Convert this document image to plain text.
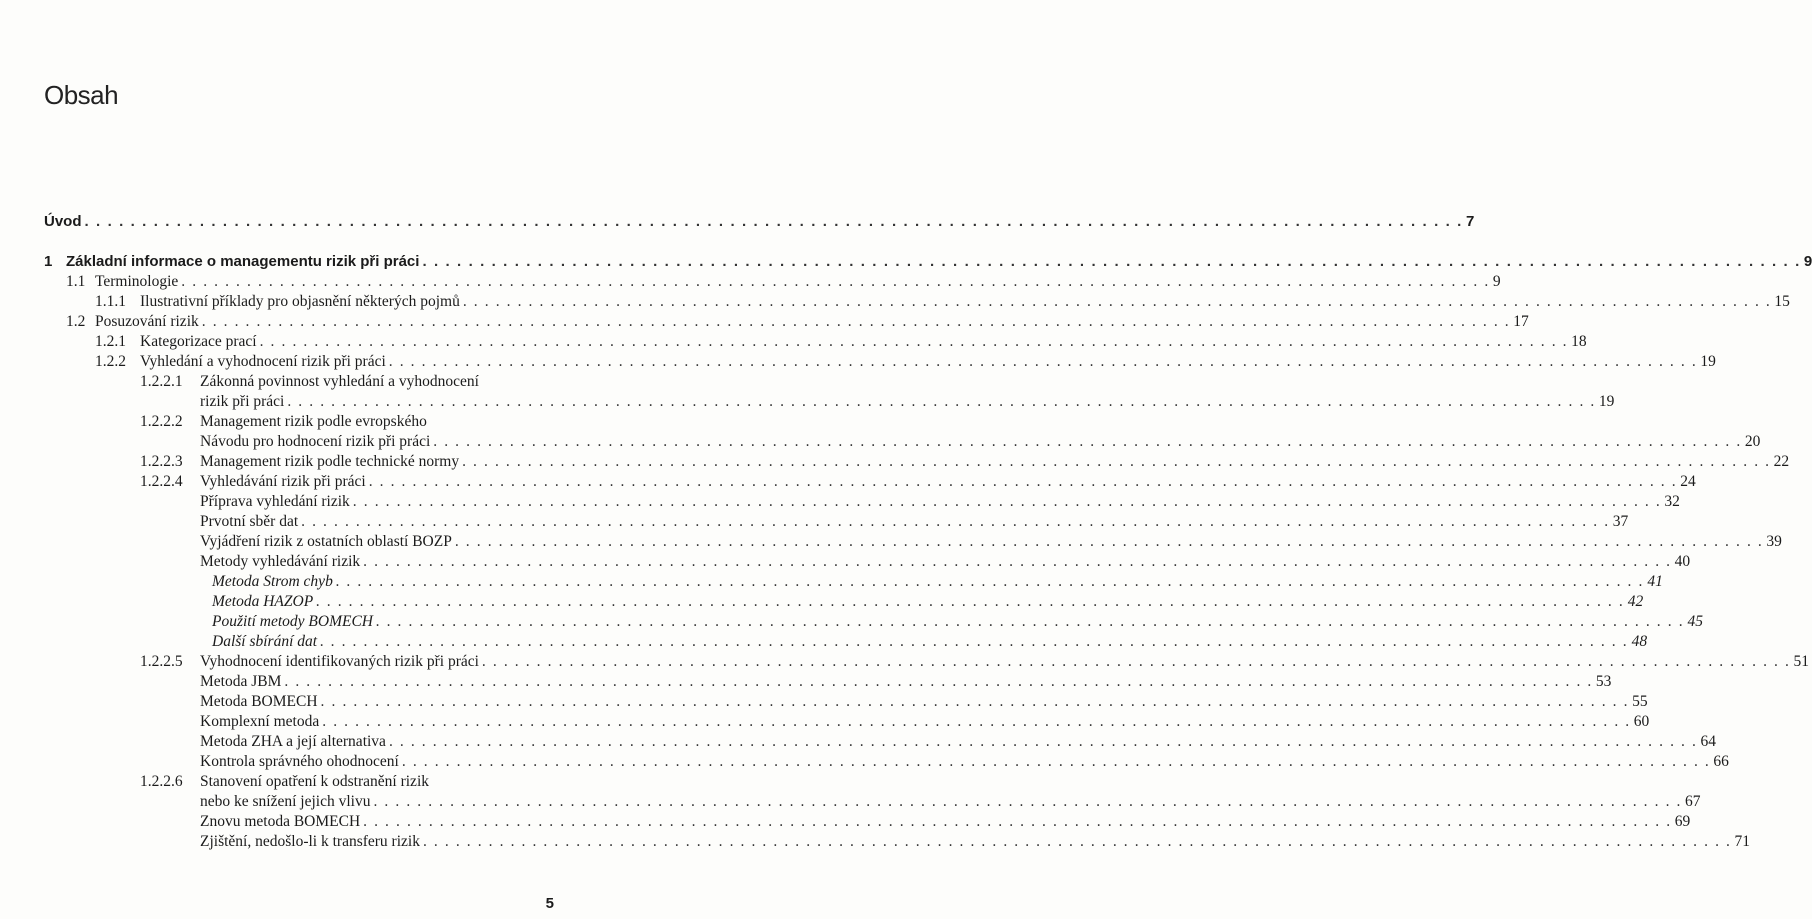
Obsah
Úvod . . . . . . . . . . . . . . . . . . . . . . . . . . . . . . . . . . . . . . . . . . . . . . . . . . . . . . . . . . . . . . . . . . . . . . . . . . . . . . . . . . . . . . . . . . . . . . . . . . . . . . . . . . . . . . . . . . . . . . . . 7
1 Základní informace o managementu rizik při práci . . . . . . . . . . . . . . . . . . . . . . . . . . . . . . . . . . . . . . . . . . . . . . . . . . . . . . . . . . . . . . . . . . . . . . . . . . . . . . . . . . . . . . . . . . . . . . . . . . . . . . . . . . . . . . . . . . . . . . . . 9
1.1 Terminologie . . . . . . . . . . . . . . . . . . . . . . . . . . . . . . . . . . . . . . . . . . . . . . . . . . . . . . . . . . . . . . . . . . . . . . . . . . . . . . . . . . . . . . . . . . . . . . . . . . . . . . . . . . . . . . . . . . . . . . . . 9
1.1.1 Ilustrativní příklady pro objasnění některých pojmů . . . . . . . . . . . . . . . . . . . . . . . . . . . . . . . . . . . . . . . . . . . . . . . . . . . . . . . . . . . . . . . . . . . . . . . . . . . . . . . . . . . . . . . . . . . . . . . . . . . . . . . . . . . . . . . . . . . . . . . . 15
1.2 Posuzování rizik . . . . . . . . . . . . . . . . . . . . . . . . . . . . . . . . . . . . . . . . . . . . . . . . . . . . . . . . . . . . . . . . . . . . . . . . . . . . . . . . . . . . . . . . . . . . . . . . . . . . . . . . . . . . . . . . . . . . . . . . 17
1.2.1 Kategorizace prací . . . . . . . . . . . . . . . . . . . . . . . . . . . . . . . . . . . . . . . . . . . . . . . . . . . . . . . . . . . . . . . . . . . . . . . . . . . . . . . . . . . . . . . . . . . . . . . . . . . . . . . . . . . . . . . . . . . . . . . . 18
1.2.2 Vyhledání a vyhodnocení rizik při práci . . . . . . . . . . . . . . . . . . . . . . . . . . . . . . . . . . . . . . . . . . . . . . . . . . . . . . . . . . . . . . . . . . . . . . . . . . . . . . . . . . . . . . . . . . . . . . . . . . . . . . . . . . . . . . . . . . . . . . . . 19
1.2.2.1 Zákonná povinnost vyhledání a vyhodnocení
rizik při práci . . . . . . . . . . . . . . . . . . . . . . . . . . . . . . . . . . . . . . . . . . . . . . . . . . . . . . . . . . . . . . . . . . . . . . . . . . . . . . . . . . . . . . . . . . . . . . . . . . . . . . . . . . . . . . . . . . . . . . . . 19
1.2.2.2 Management rizik podle evropského
Návodu pro hodnocení rizik při práci . . . . . . . . . . . . . . . . . . . . . . . . . . . . . . . . . . . . . . . . . . . . . . . . . . . . . . . . . . . . . . . . . . . . . . . . . . . . . . . . . . . . . . . . . . . . . . . . . . . . . . . . . . . . . . . . . . . . . . . . 20
1.2.2.3 Management rizik podle technické normy . . . . . . . . . . . . . . . . . . . . . . . . . . . . . . . . . . . . . . . . . . . . . . . . . . . . . . . . . . . . . . . . . . . . . . . . . . . . . . . . . . . . . . . . . . . . . . . . . . . . . . . . . . . . . . . . . . . . . . . . 22
1.2.2.4 Vyhledávání rizik při práci . . . . . . . . . . . . . . . . . . . . . . . . . . . . . . . . . . . . . . . . . . . . . . . . . . . . . . . . . . . . . . . . . . . . . . . . . . . . . . . . . . . . . . . . . . . . . . . . . . . . . . . . . . . . . . . . . . . . . . . . 24
Příprava vyhledání rizik . . . . . . . . . . . . . . . . . . . . . . . . . . . . . . . . . . . . . . . . . . . . . . . . . . . . . . . . . . . . . . . . . . . . . . . . . . . . . . . . . . . . . . . . . . . . . . . . . . . . . . . . . . . . . . . . . . . . . . . . 32
Prvotní sběr dat . . . . . . . . . . . . . . . . . . . . . . . . . . . . . . . . . . . . . . . . . . . . . . . . . . . . . . . . . . . . . . . . . . . . . . . . . . . . . . . . . . . . . . . . . . . . . . . . . . . . . . . . . . . . . . . . . . . . . . . . 37
Vyjádření rizik z ostatních oblastí BOZP . . . . . . . . . . . . . . . . . . . . . . . . . . . . . . . . . . . . . . . . . . . . . . . . . . . . . . . . . . . . . . . . . . . . . . . . . . . . . . . . . . . . . . . . . . . . . . . . . . . . . . . . . . . . . . . . . . . . . . . . 39
Metody vyhledávání rizik . . . . . . . . . . . . . . . . . . . . . . . . . . . . . . . . . . . . . . . . . . . . . . . . . . . . . . . . . . . . . . . . . . . . . . . . . . . . . . . . . . . . . . . . . . . . . . . . . . . . . . . . . . . . . . . . . . . . . . . . 40
Metoda Strom chyb . . . . . . . . . . . . . . . . . . . . . . . . . . . . . . . . . . . . . . . . . . . . . . . . . . . . . . . . . . . . . . . . . . . . . . . . . . . . . . . . . . . . . . . . . . . . . . . . . . . . . . . . . . . . . . . . . . . . . . . . 41
Metoda HAZOP . . . . . . . . . . . . . . . . . . . . . . . . . . . . . . . . . . . . . . . . . . . . . . . . . . . . . . . . . . . . . . . . . . . . . . . . . . . . . . . . . . . . . . . . . . . . . . . . . . . . . . . . . . . . . . . . . . . . . . . . 42
Použití metody BOMECH . . . . . . . . . . . . . . . . . . . . . . . . . . . . . . . . . . . . . . . . . . . . . . . . . . . . . . . . . . . . . . . . . . . . . . . . . . . . . . . . . . . . . . . . . . . . . . . . . . . . . . . . . . . . . . . . . . . . . . . . 45
Další sbírání dat . . . . . . . . . . . . . . . . . . . . . . . . . . . . . . . . . . . . . . . . . . . . . . . . . . . . . . . . . . . . . . . . . . . . . . . . . . . . . . . . . . . . . . . . . . . . . . . . . . . . . . . . . . . . . . . . . . . . . . . . 48
1.2.2.5 Vyhodnocení identifikovaných rizik při práci . . . . . . . . . . . . . . . . . . . . . . . . . . . . . . . . . . . . . . . . . . . . . . . . . . . . . . . . . . . . . . . . . . . . . . . . . . . . . . . . . . . . . . . . . . . . . . . . . . . . . . . . . . . . . . . . . . . . . . . . 51
Metoda JBM . . . . . . . . . . . . . . . . . . . . . . . . . . . . . . . . . . . . . . . . . . . . . . . . . . . . . . . . . . . . . . . . . . . . . . . . . . . . . . . . . . . . . . . . . . . . . . . . . . . . . . . . . . . . . . . . . . . . . . . . 53
Metoda BOMECH . . . . . . . . . . . . . . . . . . . . . . . . . . . . . . . . . . . . . . . . . . . . . . . . . . . . . . . . . . . . . . . . . . . . . . . . . . . . . . . . . . . . . . . . . . . . . . . . . . . . . . . . . . . . . . . . . . . . . . . . 55
Komplexní metoda . . . . . . . . . . . . . . . . . . . . . . . . . . . . . . . . . . . . . . . . . . . . . . . . . . . . . . . . . . . . . . . . . . . . . . . . . . . . . . . . . . . . . . . . . . . . . . . . . . . . . . . . . . . . . . . . . . . . . . . . 60
Metoda ZHA a její alternativa . . . . . . . . . . . . . . . . . . . . . . . . . . . . . . . . . . . . . . . . . . . . . . . . . . . . . . . . . . . . . . . . . . . . . . . . . . . . . . . . . . . . . . . . . . . . . . . . . . . . . . . . . . . . . . . . . . . . . . . . 64
Kontrola správného ohodnocení . . . . . . . . . . . . . . . . . . . . . . . . . . . . . . . . . . . . . . . . . . . . . . . . . . . . . . . . . . . . . . . . . . . . . . . . . . . . . . . . . . . . . . . . . . . . . . . . . . . . . . . . . . . . . . . . . . . . . . . . 66
1.2.2.6 Stanovení opatření k odstranění rizik
nebo ke snížení jejich vlivu . . . . . . . . . . . . . . . . . . . . . . . . . . . . . . . . . . . . . . . . . . . . . . . . . . . . . . . . . . . . . . . . . . . . . . . . . . . . . . . . . . . . . . . . . . . . . . . . . . . . . . . . . . . . . . . . . . . . . . . . 67
Znovu metoda BOMECH . . . . . . . . . . . . . . . . . . . . . . . . . . . . . . . . . . . . . . . . . . . . . . . . . . . . . . . . . . . . . . . . . . . . . . . . . . . . . . . . . . . . . . . . . . . . . . . . . . . . . . . . . . . . . . . . . . . . . . . . 69
Zjištění, nedošlo-li k transferu rizik . . . . . . . . . . . . . . . . . . . . . . . . . . . . . . . . . . . . . . . . . . . . . . . . . . . . . . . . . . . . . . . . . . . . . . . . . . . . . . . . . . . . . . . . . . . . . . . . . . . . . . . . . . . . . . . . . . . . . . . . 71
5
